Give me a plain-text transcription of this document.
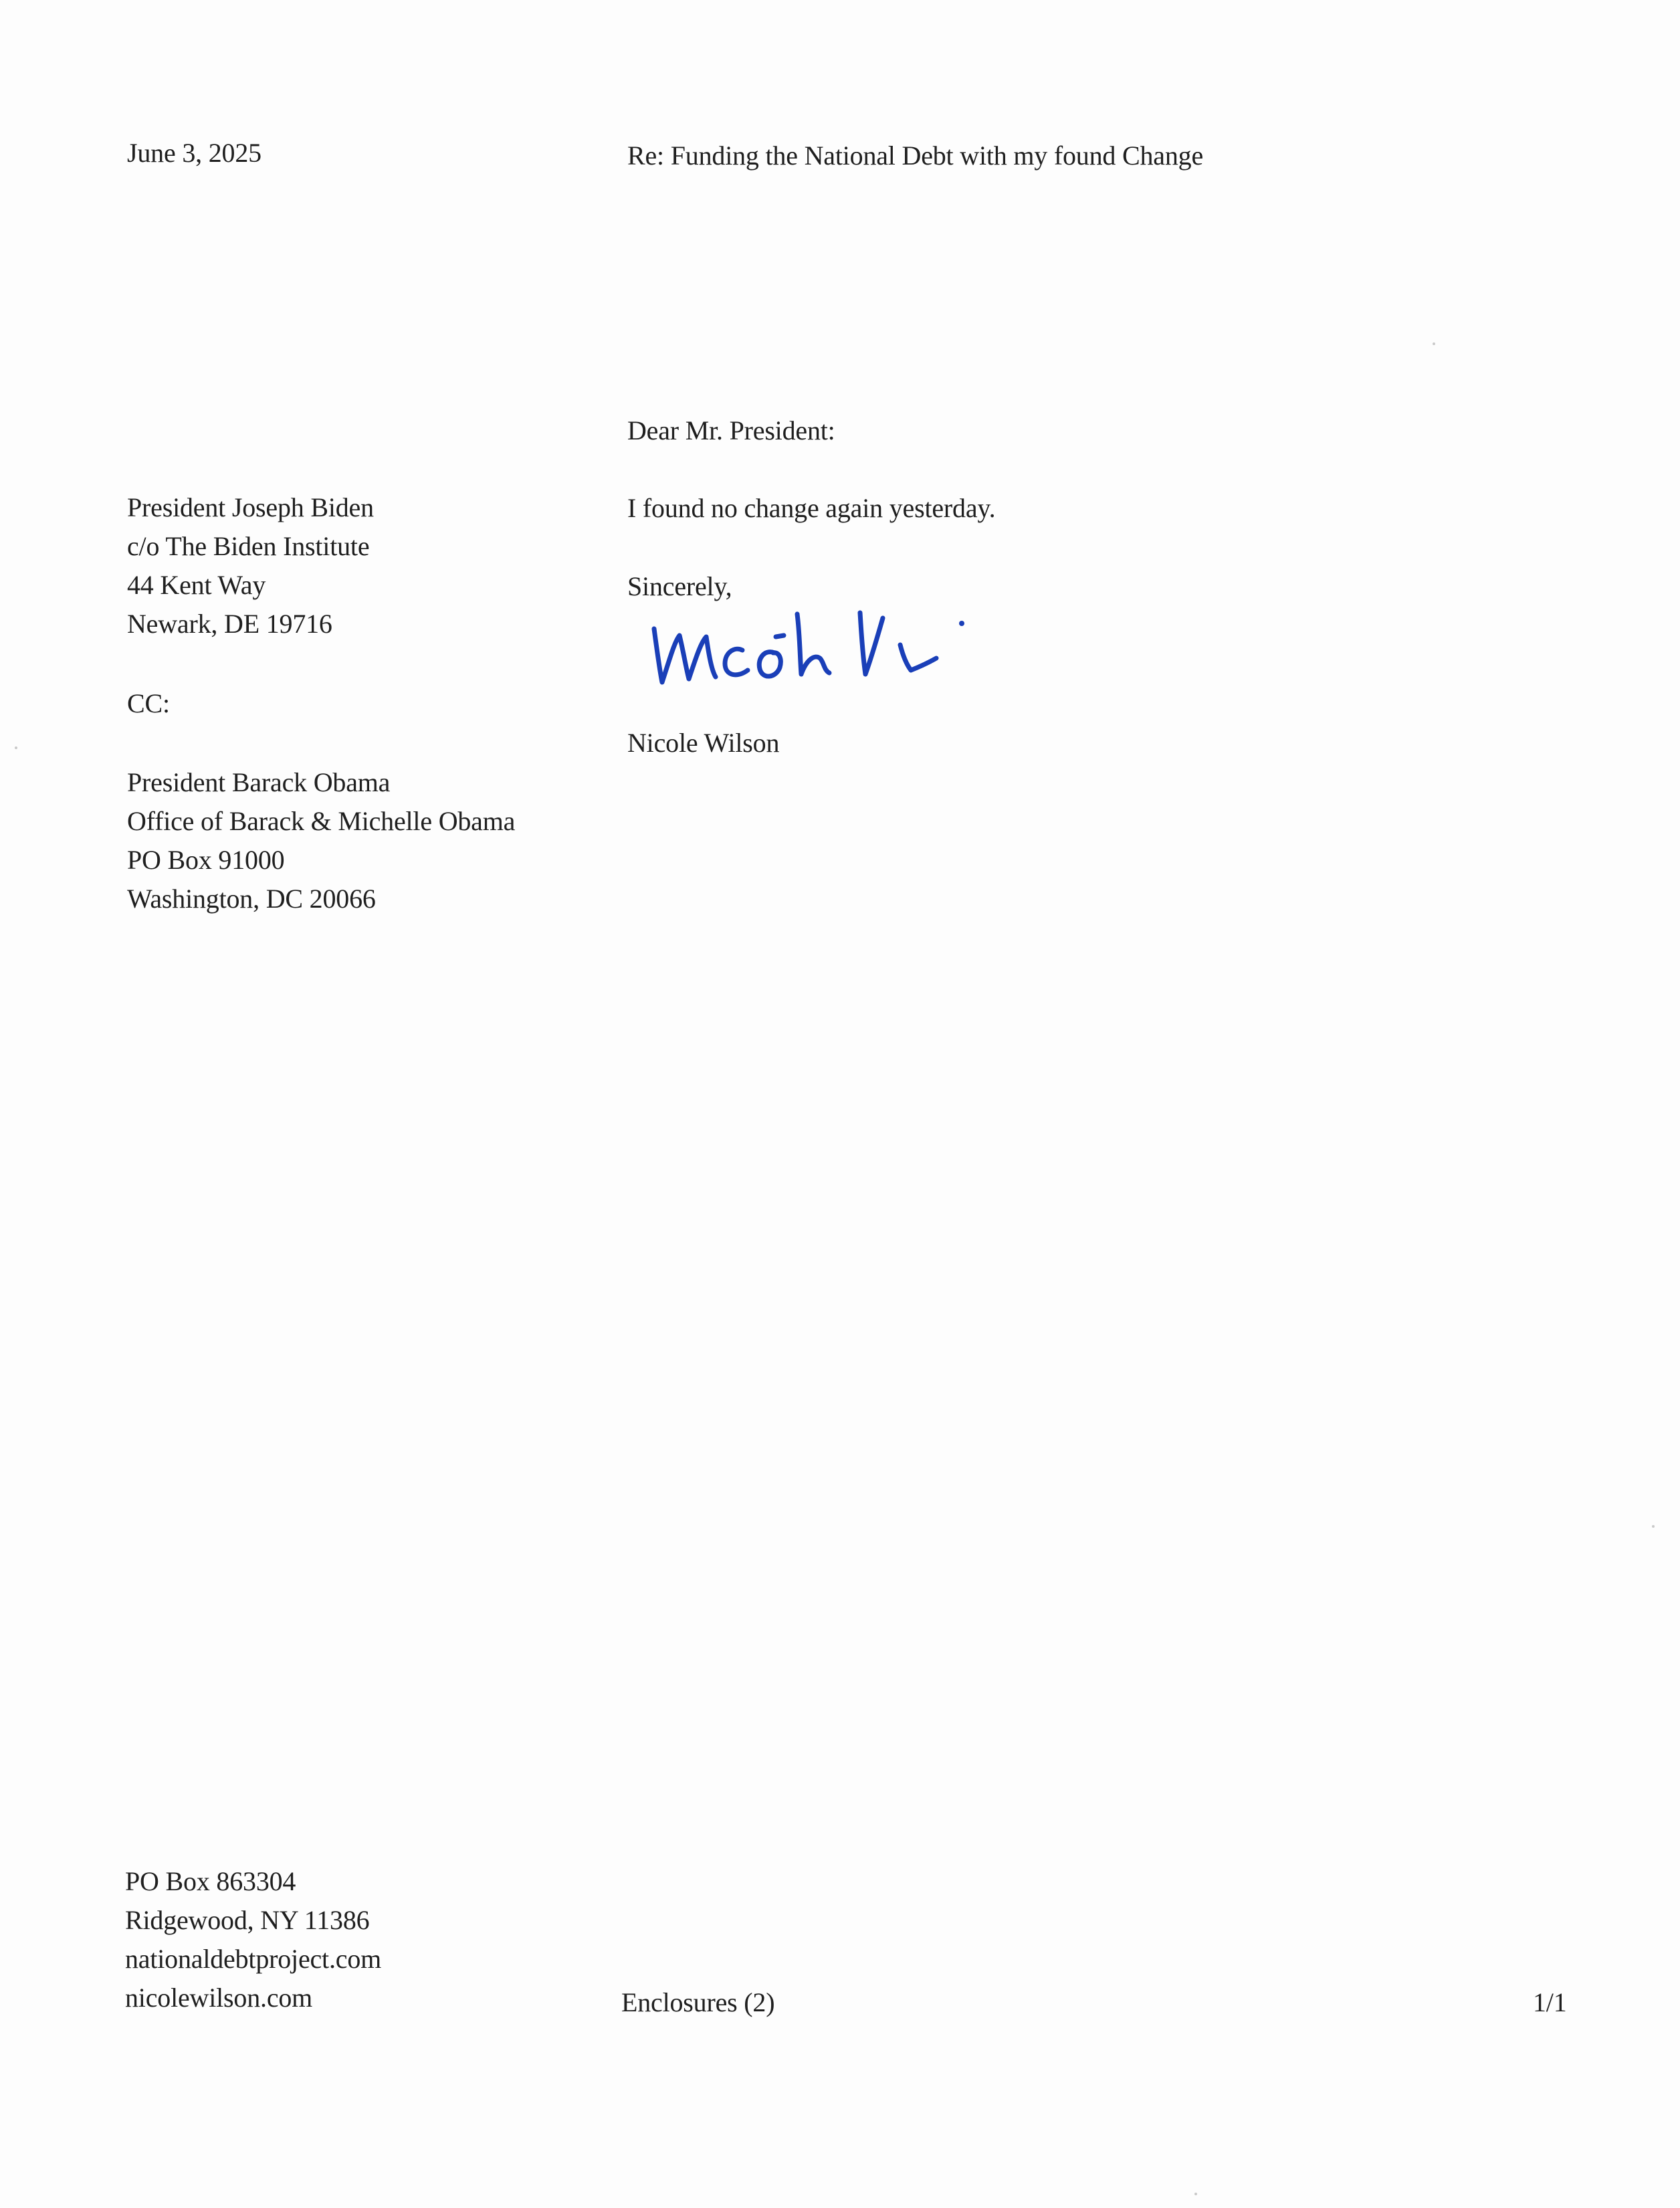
June 3, 2025	Re: Funding the National Debt with my found Change
Dear Mr. President:
I found no change again yesterday.
Sincerely,
Nicole Wilson
President Joseph Biden
c/o The Biden Institute
44 Kent Way
Newark, DE 19716
CC:
President Barack Obama
Office of Barack & Michelle Obama
PO Box 91000
Washington, DC 20066
PO Box 863304
Ridgewood, NY 11386
nationaldebtproject.com
nicolewilson.com	Enclosures (2)	1/1
